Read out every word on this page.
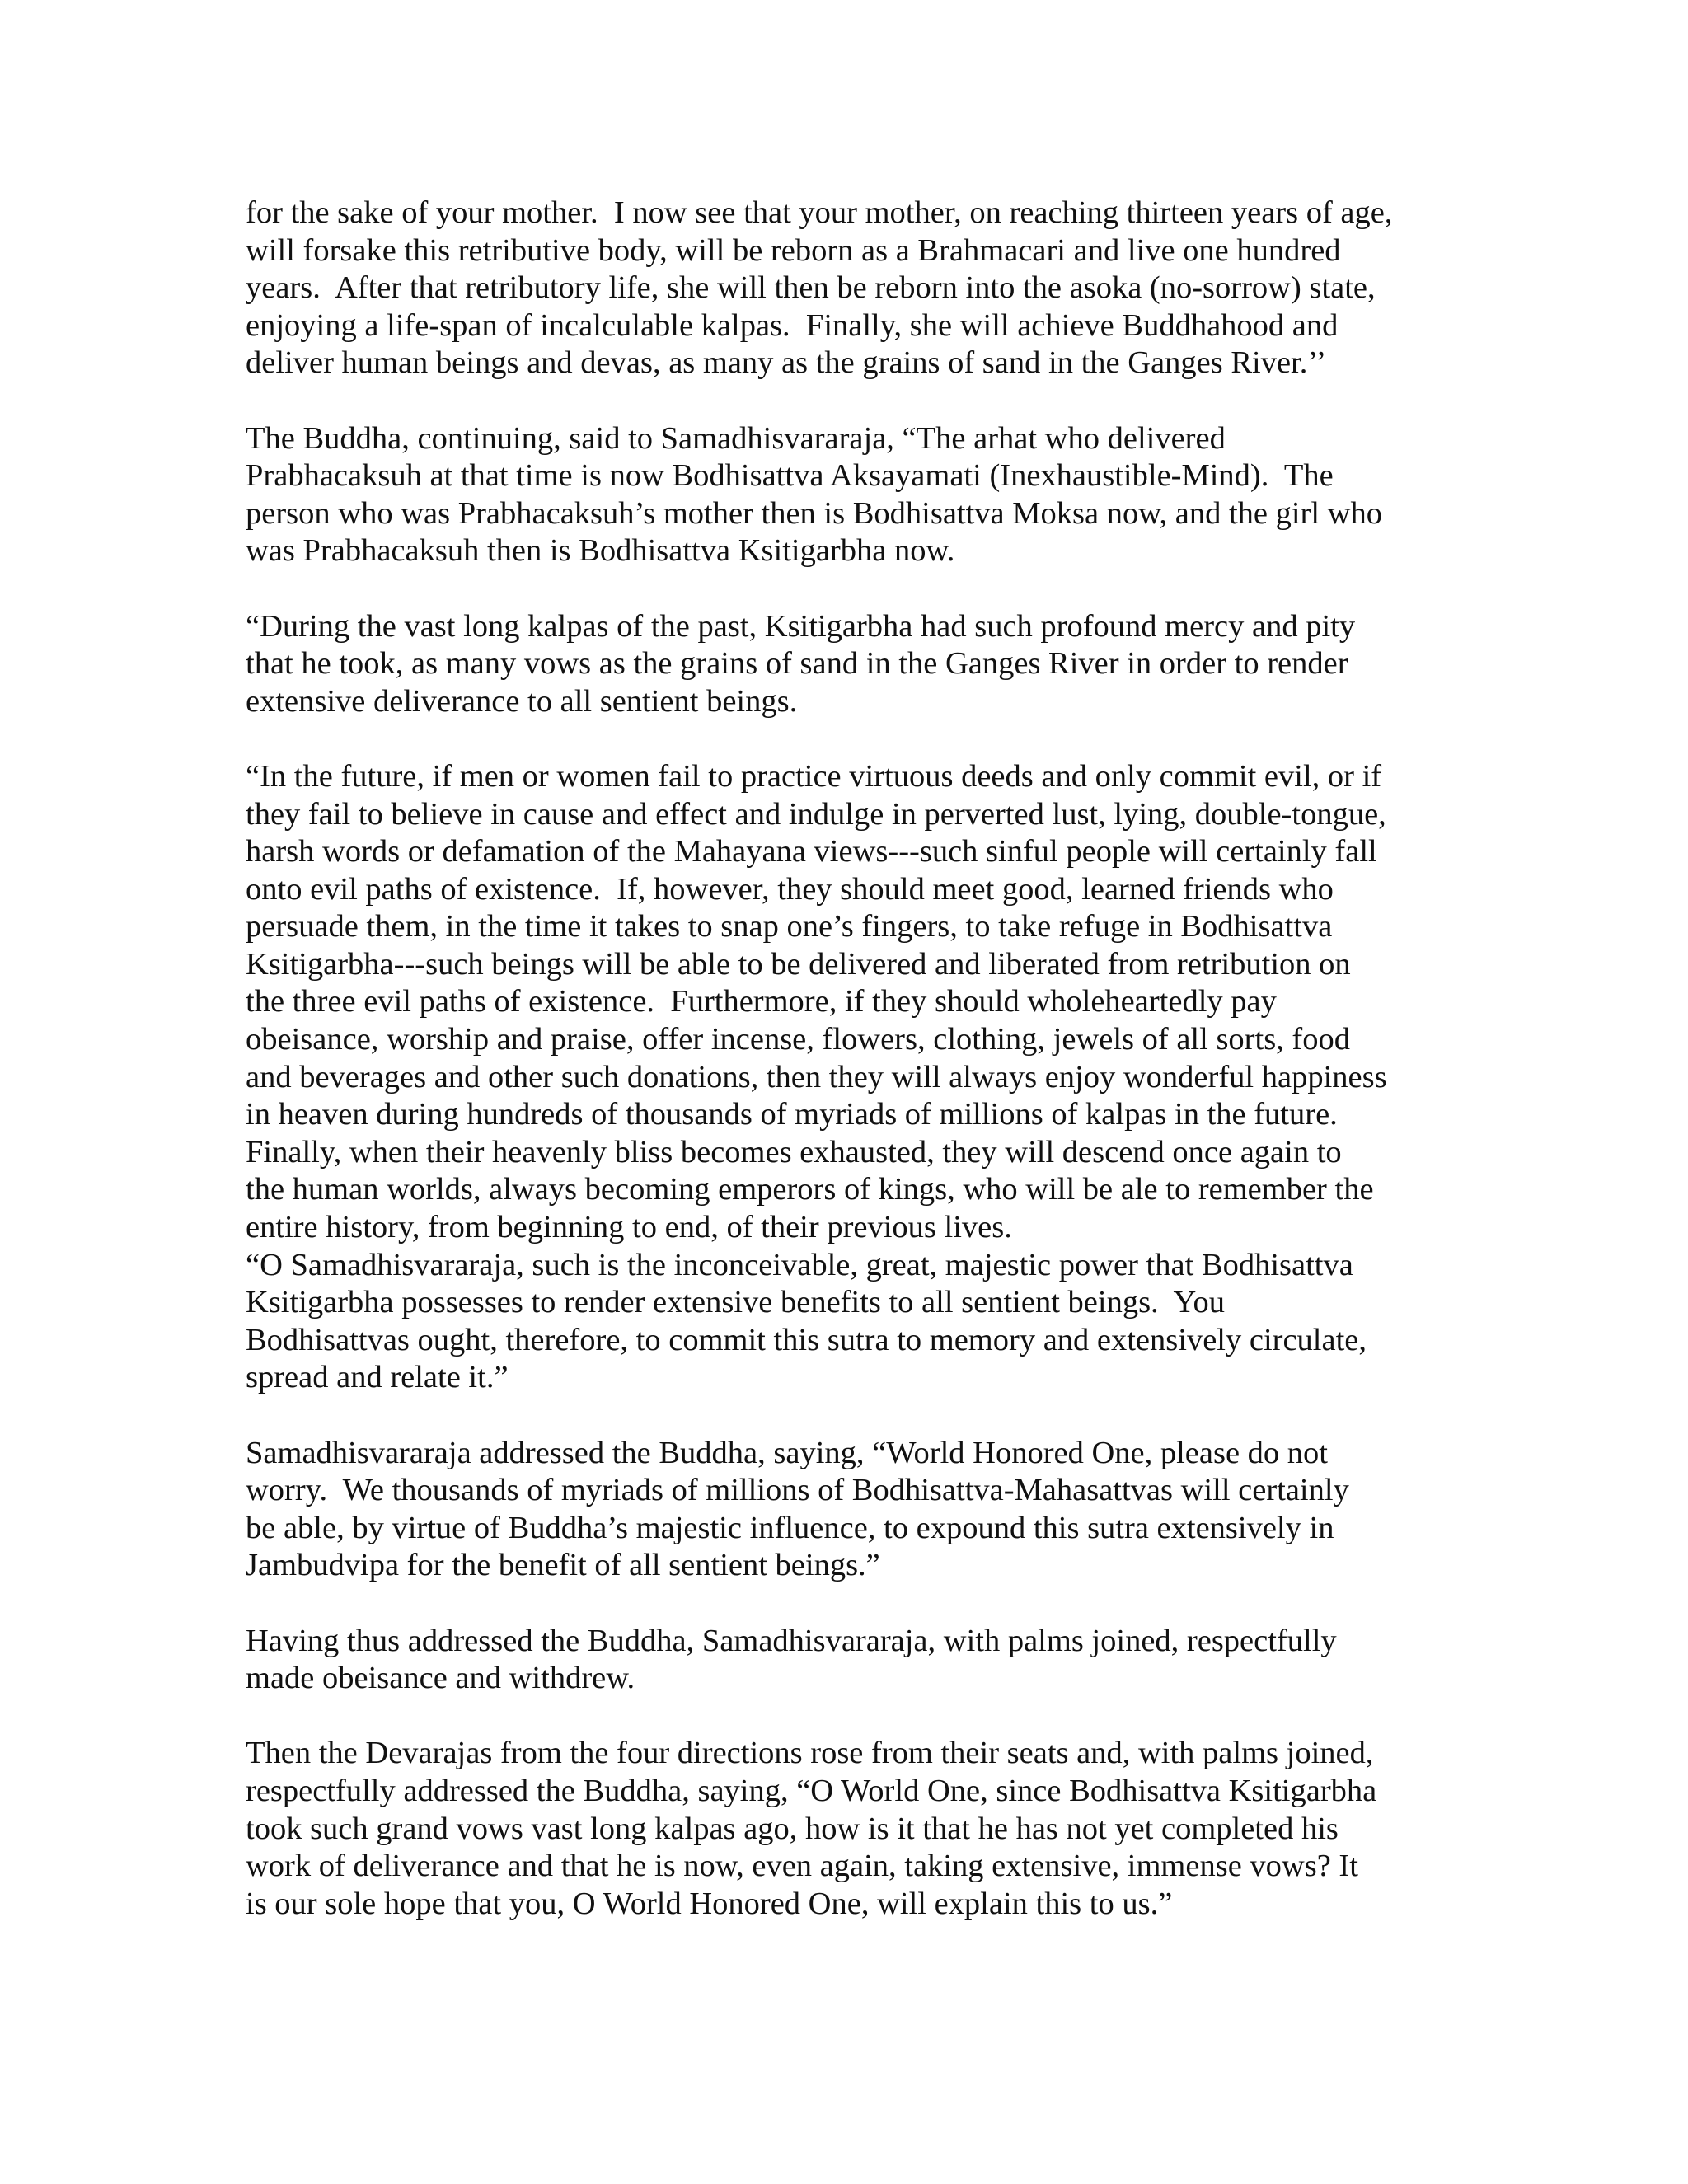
for the sake of your mother.  I now see that your mother, on reaching thirteen years of age,
will forsake this retributive body, will be reborn as a Brahmacari and live one hundred
years.  After that retributory life, she will then be reborn into the asoka (no-sorrow) state,
enjoying a life-span of incalculable kalpas.  Finally, she will achieve Buddhahood and
deliver human beings and devas, as many as the grains of sand in the Ganges River.’’
The Buddha, continuing, said to Samadhisvararaja, “The arhat who delivered
Prabhacaksuh at that time is now Bodhisattva Aksayamati (Inexhaustible-Mind).  The
person who was Prabhacaksuh’s mother then is Bodhisattva Moksa now, and the girl who
was Prabhacaksuh then is Bodhisattva Ksitigarbha now.
“During the vast long kalpas of the past, Ksitigarbha had such profound mercy and pity
that he took, as many vows as the grains of sand in the Ganges River in order to render
extensive deliverance to all sentient beings.
“In the future, if men or women fail to practice virtuous deeds and only commit evil, or if
they fail to believe in cause and effect and indulge in perverted lust, lying, double-tongue,
harsh words or defamation of the Mahayana views---such sinful people will certainly fall
onto evil paths of existence.  If, however, they should meet good, learned friends who
persuade them, in the time it takes to snap one’s fingers, to take refuge in Bodhisattva
Ksitigarbha---such beings will be able to be delivered and liberated from retribution on
the three evil paths of existence.  Furthermore, if they should wholeheartedly pay
obeisance, worship and praise, offer incense, flowers, clothing, jewels of all sorts, food
and beverages and other such donations, then they will always enjoy wonderful happiness
in heaven during hundreds of thousands of myriads of millions of kalpas in the future.
Finally, when their heavenly bliss becomes exhausted, they will descend once again to
the human worlds, always becoming emperors of kings, who will be ale to remember the
entire history, from beginning to end, of their previous lives.
“O Samadhisvararaja, such is the inconceivable, great, majestic power that Bodhisattva
Ksitigarbha possesses to render extensive benefits to all sentient beings.  You
Bodhisattvas ought, therefore, to commit this sutra to memory and extensively circulate,
spread and relate it.”
Samadhisvararaja addressed the Buddha, saying, “World Honored One, please do not
worry.  We thousands of myriads of millions of Bodhisattva-Mahasattvas will certainly
be able, by virtue of Buddha’s majestic influence, to expound this sutra extensively in
Jambudvipa for the benefit of all sentient beings.”
Having thus addressed the Buddha, Samadhisvararaja, with palms joined, respectfully
made obeisance and withdrew.
Then the Devarajas from the four directions rose from their seats and, with palms joined,
respectfully addressed the Buddha, saying, “O World One, since Bodhisattva Ksitigarbha
took such grand vows vast long kalpas ago, how is it that he has not yet completed his
work of deliverance and that he is now, even again, taking extensive, immense vows? It
is our sole hope that you, O World Honored One, will explain this to us.”
